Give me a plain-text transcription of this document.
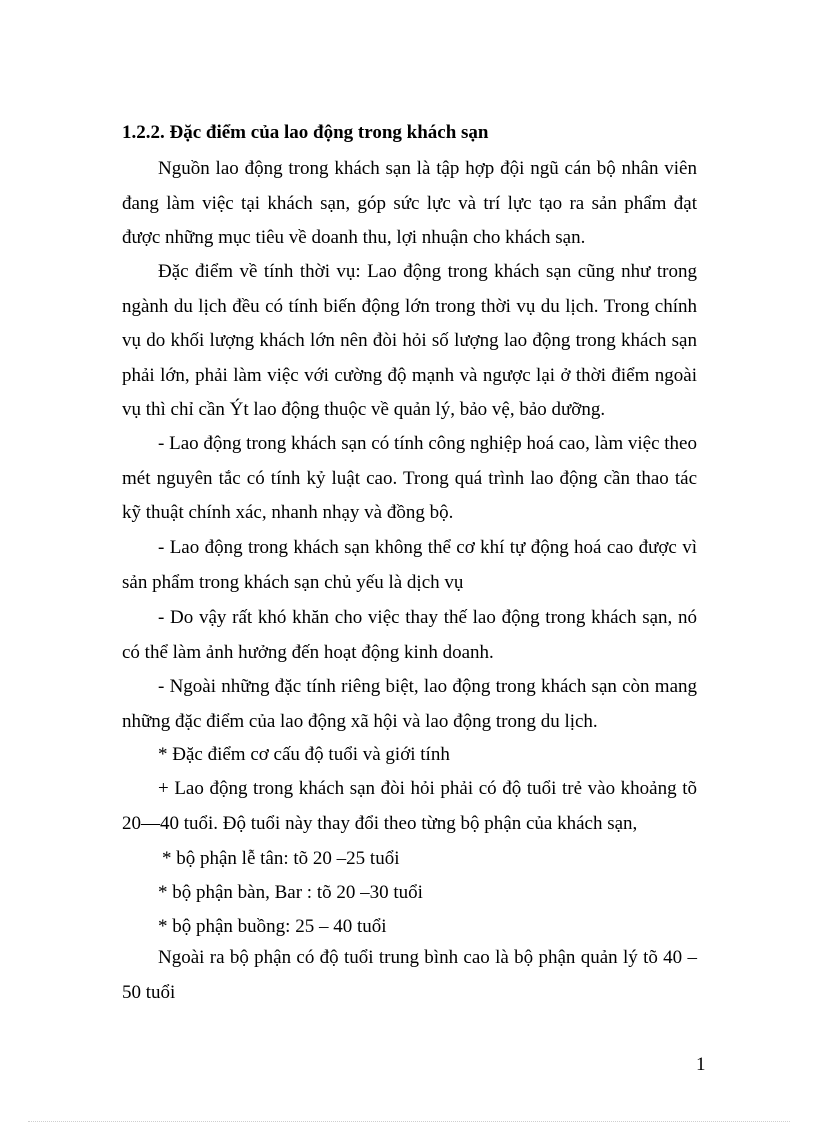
1.2.2. Đặc điểm của lao động trong khách sạn

Nguồn lao động trong khách sạn là tập hợp đội ngũ cán bộ nhân viên đang làm việc tại khách sạn, góp sức lực và trí lực tạo ra sản phẩm đạt được những mục tiêu về doanh thu, lợi nhuận cho khách sạn.

Đặc điểm về tính thời vụ: Lao động trong khách sạn cũng như trong ngành du lịch đều có tính biến động lớn trong thời vụ du lịch. Trong chính vụ do khối lượng khách lớn nên đòi hỏi số lượng lao động trong khách sạn phải lớn, phải làm việc với cường độ mạnh và ngược lại ở thời điểm ngoài vụ thì chỉ cần Ýt lao động thuộc về quản lý, bảo vệ, bảo dưỡng.

- Lao động trong khách sạn có tính công nghiệp hoá cao, làm việc theo mét nguyên tắc có tính kỷ luật cao. Trong quá trình lao động cần thao tác kỹ thuật chính xác, nhanh nhạy và đồng bộ.

- Lao động trong khách sạn không thể cơ khí tự động hoá cao được vì sản phẩm trong khách sạn chủ yếu là dịch vụ

- Do vậy rất khó khăn cho việc thay thế lao động trong khách sạn, nó có thể làm ảnh hưởng đến hoạt động kinh doanh.

- Ngoài những đặc tính riêng biệt, lao động trong khách sạn còn mang những đặc điểm của lao động xã hội và lao động trong du lịch.

* Đặc điểm cơ cấu độ tuổi và giới tính

+ Lao động trong khách sạn đòi hỏi phải có độ tuổi trẻ vào khoảng tõ 20—40 tuổi. Độ tuổi này thay đổi theo từng bộ phận của khách sạn,

* bộ phận lễ tân: tõ 20 –25 tuổi
* bộ phận bàn, Bar : tõ 20 –30 tuổi
* bộ phận buồng: 25 – 40 tuổi

Ngoài ra bộ phận có độ tuổi trung bình cao là bộ phận quản lý tõ 40 – 50 tuổi

1
